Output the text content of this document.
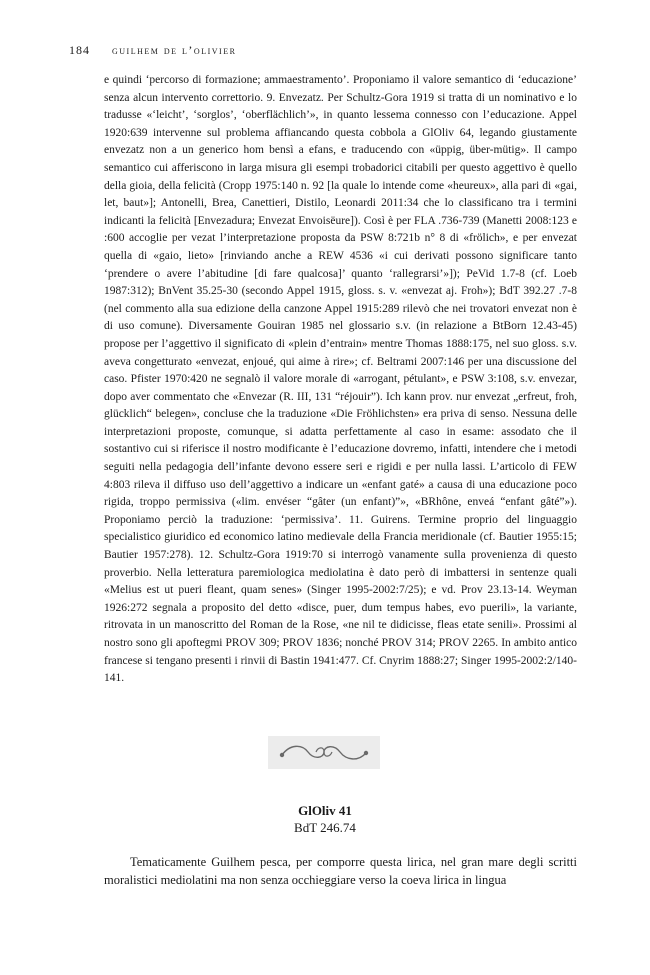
184 guilhem de l’olivier
e quindi ‘percorso di formazione; ammaestramento’. Proponiamo il valore semantico di ‘educazione’ senza alcun intervento correttorio. 9. Envezatz. Per Schultz-Gora 1919 si tratta di un nominativo e lo tradusse «‘leicht’, ‘sorglos’, ‘oberflächlich’», in quanto lessema connesso con l’educazione. Appel 1920:639 intervenne sul problema affiancando questa cobbola a GlOliv 64, legando giustamente envezatz non a un generico hom bensì a efans, e traducendo con «üppig, über-mütig». Il campo semantico cui afferiscono in larga misura gli esempi trobadorici citabili per questo aggettivo è quello della gioia, della felicità (Cropp 1975:140 n. 92 [la quale lo intende come «heureux», alla pari di «gai, let, baut»]; Antonelli, Brea, Canettieri, Distilo, Leonardi 2011:34 che lo classificano tra i termini indicanti la felicità [Envezadura; Envezat Envoisëure]). Così è per FLA .736-739 (Manetti 2008:123 e :600 accoglie per vezat l’interpretazione proposta da PSW 8:721b n° 8 di «frölich», e per envezat quella di «gaio, lieto» [rinviando anche a REW 4536 «i cui derivati possono significare tanto ‘prendere o avere l’abitudine [di fare qualcosa]’ quanto ‘rallegrarsi’»]); PeVid 1.7-8 (cf. Loeb 1987:312); BnVent 35.25-30 (secondo Appel 1915, gloss. s. v. «envezat aj. Froh»); BdT 392.27 .7-8 (nel commento alla sua edizione della canzone Appel 1915:289 rilevò che nei trovatori envezat non è di uso comune). Diversamente Gouiran 1985 nel glossario s.v. (in relazione a BtBorn 12.43-45) propose per l’aggettivo il significato di «plein d’entrain» mentre Thomas 1888:175, nel suo gloss. s.v. aveva congetturato «envezat, enjoué, qui aime à rire»; cf. Beltrami 2007:146 per una discussione del caso. Pfister 1970:420 ne segnalò il valore morale di «arrogant, pétulant», e PSW 3:108, s.v. envezar, dopo aver commentato che «Envezar (R. III, 131 “réjouir”). Ich kann prov. nur envezat „erfreut, froh, glücklich“ belegen», concluse che la traduzione «Die Fröhlichsten» era priva di senso. Nessuna delle interpretazioni proposte, comunque, si adatta perfettamente al caso in esame: assodato che il sostantivo cui si riferisce il nostro modificante è l’educazione dovremo, infatti, intendere che i metodi seguiti nella pedagogia dell’infante devono essere seri e rigidi e per nulla lassi. L’articolo di FEW 4:803 rileva il diffuso uso dell’aggettivo a indicare un «enfant gaté» a causa di una educazione poco rigida, troppo permissiva («lim. envéser “gâter (un enfant)”», «BRhône, enveá “enfant gâté”»). Proponiamo perciò la traduzione: ‘permissiva’. 11. Guirens. Termine proprio del linguaggio specialistico giuridico ed economico latino medievale della Francia meridionale (cf. Bautier 1955:15; Bautier 1957:278). 12. Schultz-Gora 1919:70 si interrogò vanamente sulla provenienza di questo proverbio. Nella letteratura paremiologica mediolatina è dato però di imbattersi in sentenze quali «Melius est ut pueri fleant, quam senes» (Singer 1995-2002:7/25); e vd. Prov 23.13-14. Weyman 1926:272 segnala a proposito del detto «disce, puer, dum tempus habes, evo puerili», la variante, ritrovata in un manoscritto del Roman de la Rose, «ne nil te didicisse, fleas etate senili». Prossimi al nostro sono gli apoftegmi PROV 309; PROV 1836; nonché PROV 314; PROV 2265. In ambito antico francese si tengano presenti i rinvii di Bastin 1941:477. Cf. Cnyrim 1888:27; Singer 1995-2002:2/140-141.
GlOliv 41
BdT 246.74
Tematicamente Guilhem pesca, per comporre questa lirica, nel gran mare degli scritti moralistici mediolatini ma non senza occhieggiare verso la coeva lirica in lingua
